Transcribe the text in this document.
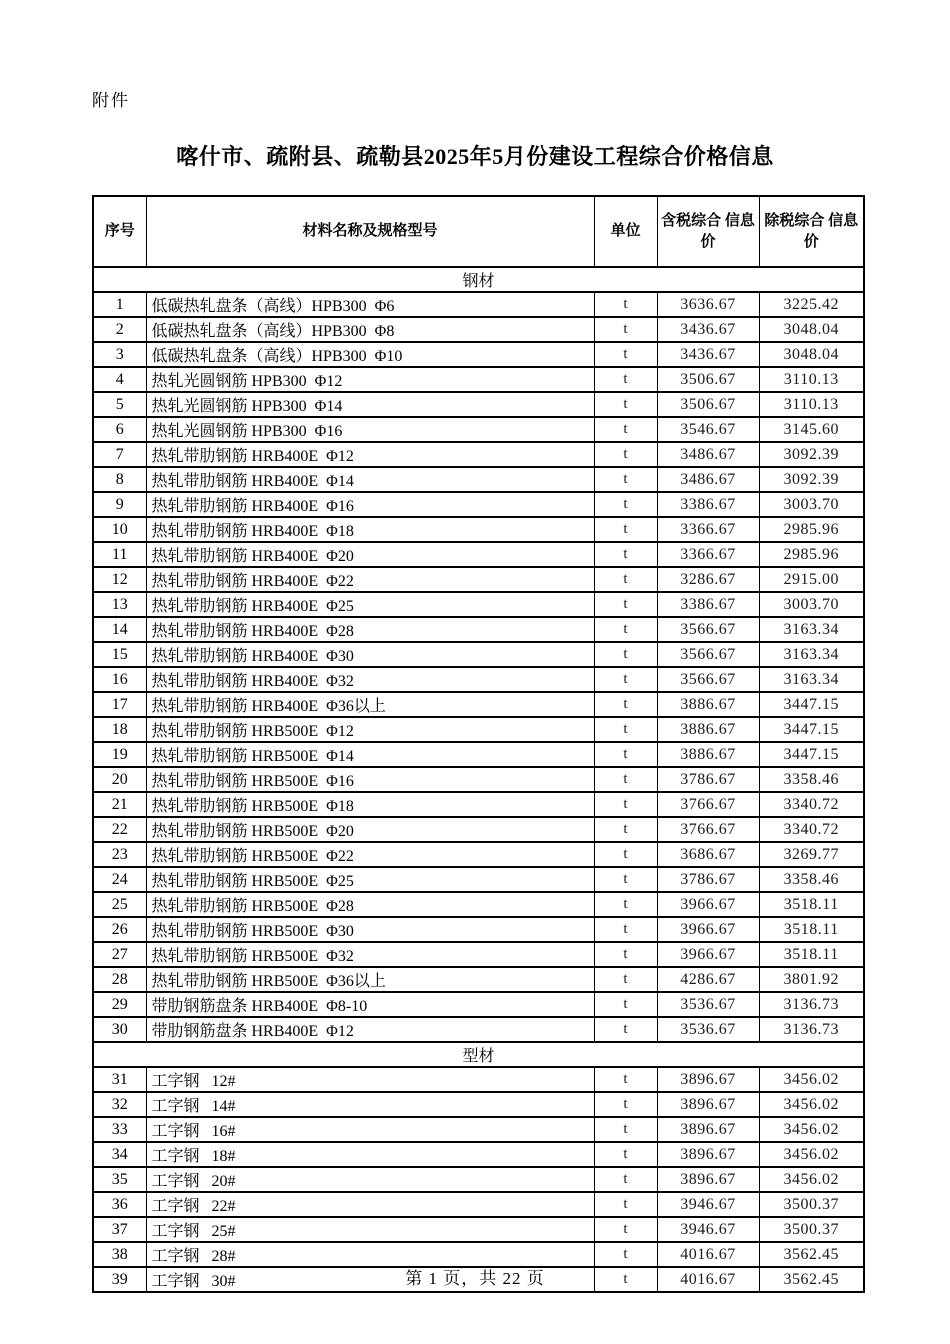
附件
喀什市、疏附县、疏勒县2025年5月份建设工程综合价格信息
序号	材料名称及规格型号	单位	含税综合 信息价	除税综合 信息价
钢材				
1	低碳热轧盘条（高线）HPB300  Φ6	t	3636.67	3225.42
2	低碳热轧盘条（高线）HPB300  Φ8	t	3436.67	3048.04
3	低碳热轧盘条（高线）HPB300  Φ10	t	3436.67	3048.04
4	热轧光圆钢筋 HPB300  Φ12	t	3506.67	3110.13
5	热轧光圆钢筋 HPB300  Φ14	t	3506.67	3110.13
6	热轧光圆钢筋 HPB300  Φ16	t	3546.67	3145.60
7	热轧带肋钢筋 HRB400E  Φ12	t	3486.67	3092.39
8	热轧带肋钢筋 HRB400E  Φ14	t	3486.67	3092.39
9	热轧带肋钢筋 HRB400E  Φ16	t	3386.67	3003.70
10	热轧带肋钢筋 HRB400E  Φ18	t	3366.67	2985.96
11	热轧带肋钢筋 HRB400E  Φ20	t	3366.67	2985.96
12	热轧带肋钢筋 HRB400E  Φ22	t	3286.67	2915.00
13	热轧带肋钢筋 HRB400E  Φ25	t	3386.67	3003.70
14	热轧带肋钢筋 HRB400E  Φ28	t	3566.67	3163.34
15	热轧带肋钢筋 HRB400E  Φ30	t	3566.67	3163.34
16	热轧带肋钢筋 HRB400E  Φ32	t	3566.67	3163.34
17	热轧带肋钢筋 HRB400E  Φ36以上	t	3886.67	3447.15
18	热轧带肋钢筋 HRB500E  Φ12	t	3886.67	3447.15
19	热轧带肋钢筋 HRB500E  Φ14	t	3886.67	3447.15
20	热轧带肋钢筋 HRB500E  Φ16	t	3786.67	3358.46
21	热轧带肋钢筋 HRB500E  Φ18	t	3766.67	3340.72
22	热轧带肋钢筋 HRB500E  Φ20	t	3766.67	3340.72
23	热轧带肋钢筋 HRB500E  Φ22	t	3686.67	3269.77
24	热轧带肋钢筋 HRB500E  Φ25	t	3786.67	3358.46
25	热轧带肋钢筋 HRB500E  Φ28	t	3966.67	3518.11
26	热轧带肋钢筋 HRB500E  Φ30	t	3966.67	3518.11
27	热轧带肋钢筋 HRB500E  Φ32	t	3966.67	3518.11
28	热轧带肋钢筋 HRB500E  Φ36以上	t	4286.67	3801.92
29	带肋钢筋盘条 HRB400E  Φ8-10	t	3536.67	3136.73
30	带肋钢筋盘条 HRB400E  Φ12	t	3536.67	3136.73
型材				
31	工字钢   12#	t	3896.67	3456.02
32	工字钢   14#	t	3896.67	3456.02
33	工字钢   16#	t	3896.67	3456.02
34	工字钢   18#	t	3896.67	3456.02
35	工字钢   20#	t	3896.67	3456.02
36	工字钢   22#	t	3946.67	3500.37
37	工字钢   25#	t	3946.67	3500.37
38	工字钢   28#	t	4016.67	3562.45
39	工字钢   30#	t	4016.67	3562.45
第 1 页，共 22 页
